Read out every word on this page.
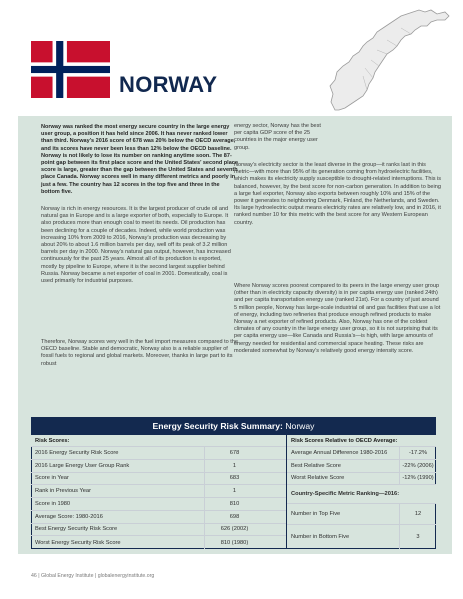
NORWAY
Norway was ranked the most energy secure country in the large energy user group, a position it has held since 2006. It has never ranked lower than third. Norway’s 2016 score of 678 was 20% below the OECD average, and its scores have never been less than 12% below the OECD baseline. Norway is not likely to lose its number on ranking anytime soon. The 87-point gap between its first place score and the United States’ second place score is large, greater than the gap between the United States and seventh place Canada. Norway scores well in many different metrics and poorly in just a few. The country has 12 scores in the top five and three in the bottom five.
Norway is rich in energy resources. It is the largest producer of crude oil and natural gas in Europe and is a large exporter of both, especially to Europe. It also produces more than enough coal to meet its needs. Oil production has been declining for a couple of decades. Indeed, while world production was increasing 10% from 2009 to 2016, Norway’s production was decreasing by about 20% to about 1.6 million barrels per day, well off its peak of 3.2 million barrels per day in 2000. Norway’s natural gas output, however, has increased continuously for the past 25 years. Almost all of its production is exported, mostly by pipeline to Europe, where it is the second largest supplier behind Russia. Norway became a net exporter of coal in 2001. Domestically, coal is used primarily for industrial purposes.
Therefore, Norway scores very well in the fuel import measures compared to the OECD baseline. Stable and democratic, Norway also is a reliable supplier of fossil fuels to regional and global markets. Moreover, thanks in large part to its robust
energy sector, Norway has the best per capita GDP score of the 25 countries in the major energy user group.
Norway’s electricity sector is the least diverse in the group—it ranks last in this metric—with more than 95% of its generation coming from hydroelectric facilities, which makes its electricity supply susceptible to drought-related interruptions. This is balanced, however, by the best score for non-carbon generation. In addition to being a large fuel exporter, Norway also exports between roughly 10% and 15% of the power it generates to neighboring Denmark, Finland, the Netherlands, and Sweden. Its large hydroelectric output means electricity rates are relatively low, and in 2016, it ranked number 10 for this metric with the best score for any Western European country.
Where Norway scores poorest compared to its peers in the large energy user group (other than in electricity capacity diversity) is in per capita energy use (ranked 24th) and per capita transportation energy use (ranked 21st). For a country of just around 5 million people, Norway has large-scale industrial oil and gas facilities that use a lot of energy, including two refineries that produce enough refined products to make Norway a net exporter of refined products. Also, Norway has one of the coldest climates of any country in the large energy user group, so it is not surprising that its per capita energy use—like Canada and Russia’s—is high, with large amounts of energy needed for residential and commercial space heating. These risks are moderated somewhat by Norway’s relatively good energy intensity score.
Energy Security Risk Summary: Norway
Risk Scores:
2016 Energy Security Risk Score	678
2016 Large Energy User Group Rank	1
Score in Year	683
Rank in Previous Year	1
Score in 1980	810
Average Score: 1980-2016	698
Best Energy Security Risk Score	626 (2002)
Worst Energy Security Risk Score	810 (1980)
Risk Scores Relative to OECD Average:
Average Annual Difference 1980-2016	-17.2%
Best Relative Score	-22% (2006)
Worst Relative Score	-12% (1990)
Country-Specific Metric Ranking—2016:
Number in Top Five	12
Number in Bottom Five	3
46 | Global Energy Institute | globalenergyinstitute.org
